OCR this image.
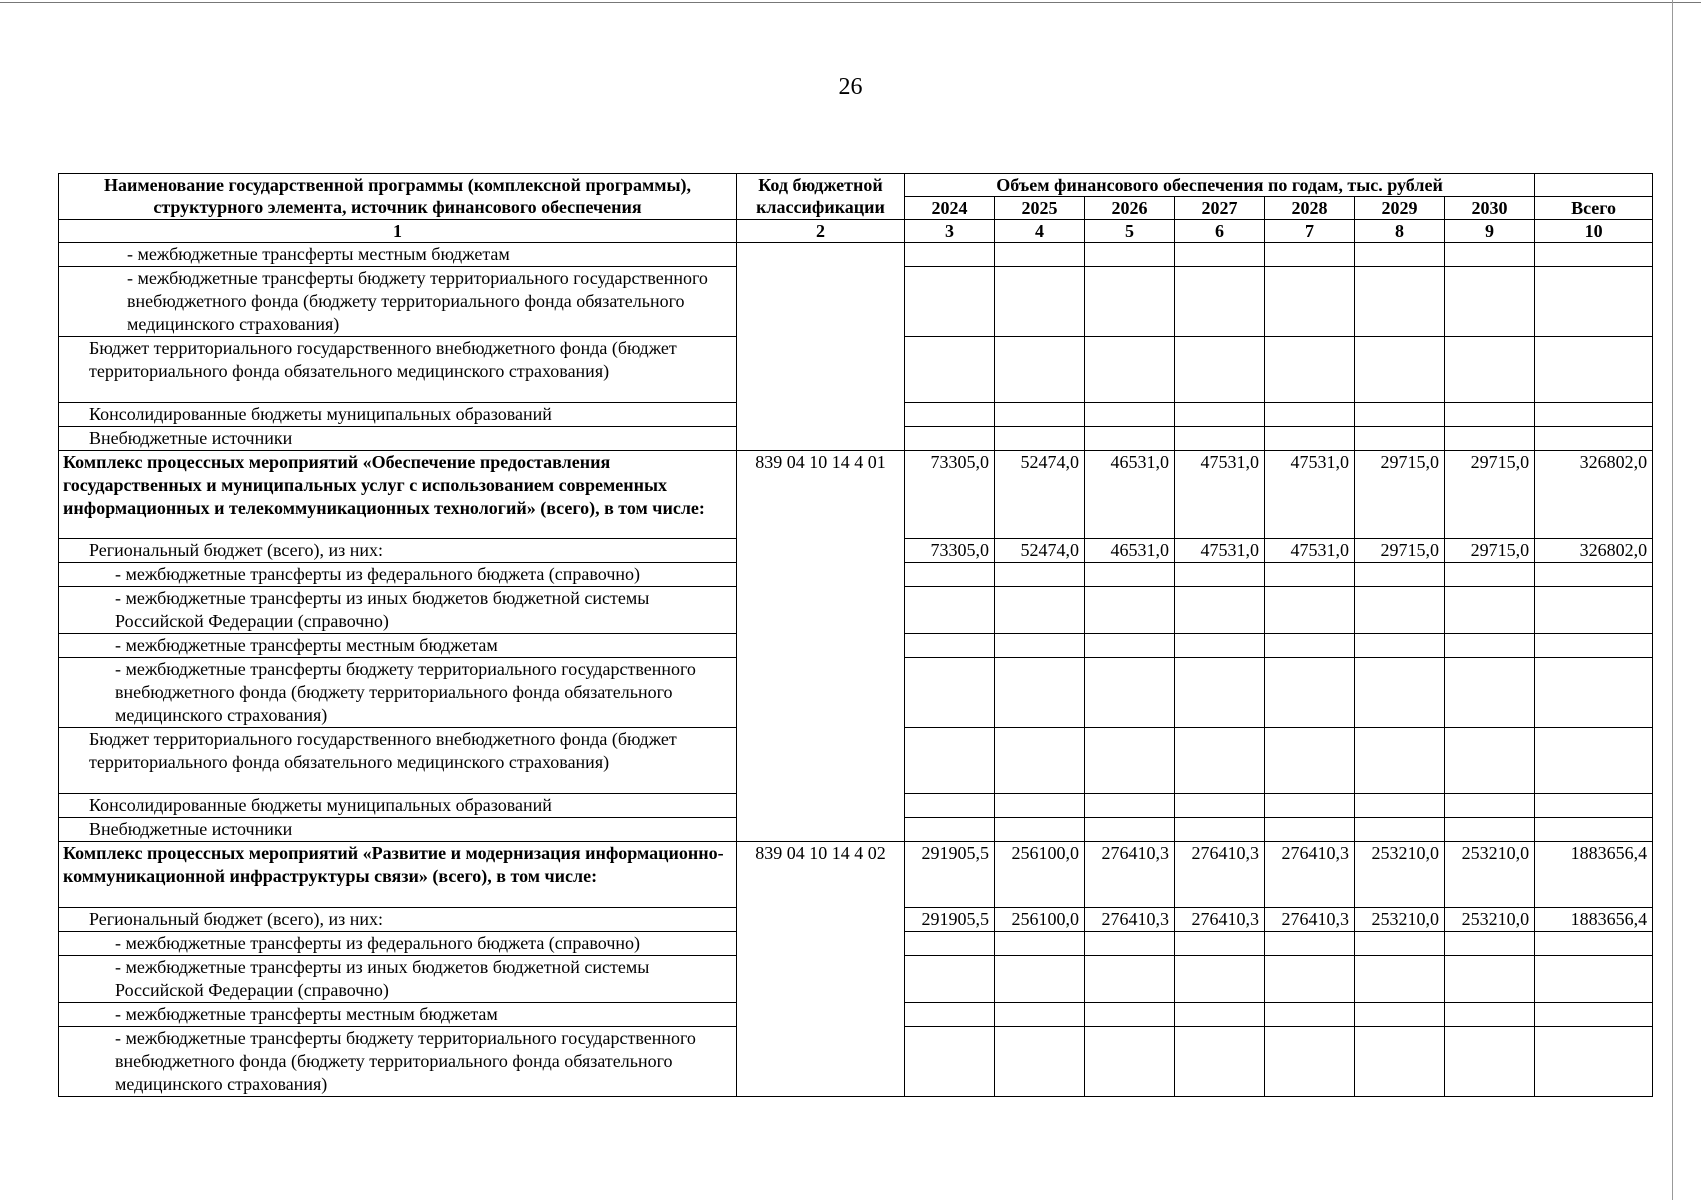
26
Наименование государственной программы (комплексной программы), структурного элемента, источник финансового обеспечения	Код бюджетной классификации	Объем финансового обеспечения по годам, тыс. рублей							
		2024	2025	2026	2027	2028	2029	2030	Всего
1	2	3	4	5	6	7	8	9	10
- межбюджетные трансферты местным бюджетам									
- межбюджетные трансферты бюджету территориального государственного внебюджетного фонда (бюджету территориального фонда обязательного медицинского страхования)									
Бюджет территориального государственного внебюджетного фонда (бюджет территориального фонда обязательного медицинского страхования)									
Консолидированные бюджеты муниципальных образований									
Внебюджетные источники									
Комплекс процессных мероприятий «Обеспечение предоставления государственных и муниципальных услуг с использованием современных информационных и телекоммуникационных технологий» (всего), в том числе:	839 04 10 14 4 01	73305,0	52474,0	46531,0	47531,0	47531,0	29715,0	29715,0	326802,0
Региональный бюджет (всего), из них:		73305,0	52474,0	46531,0	47531,0	47531,0	29715,0	29715,0	326802,0
- межбюджетные трансферты из федерального бюджета (справочно)									
- межбюджетные трансферты из иных бюджетов бюджетной системы Российской Федерации (справочно)									
- межбюджетные трансферты местным бюджетам									
- межбюджетные трансферты бюджету территориального государственного внебюджетного фонда (бюджету территориального фонда обязательного медицинского страхования)									
Бюджет территориального государственного внебюджетного фонда (бюджет территориального фонда обязательного медицинского страхования)									
Консолидированные бюджеты муниципальных образований									
Внебюджетные источники									
Комплекс процессных мероприятий «Развитие и модернизация информационно-коммуникационной инфраструктуры связи» (всего), в том числе:	839 04 10 14 4 02	291905,5	256100,0	276410,3	276410,3	276410,3	253210,0	253210,0	1883656,4
Региональный бюджет (всего), из них:		291905,5	256100,0	276410,3	276410,3	276410,3	253210,0	253210,0	1883656,4
- межбюджетные трансферты из федерального бюджета (справочно)									
- межбюджетные трансферты из иных бюджетов бюджетной системы Российской Федерации (справочно)									
- межбюджетные трансферты местным бюджетам									
- межбюджетные трансферты бюджету территориального государственного внебюджетного фонда (бюджету территориального фонда обязательного медицинского страхования)									
